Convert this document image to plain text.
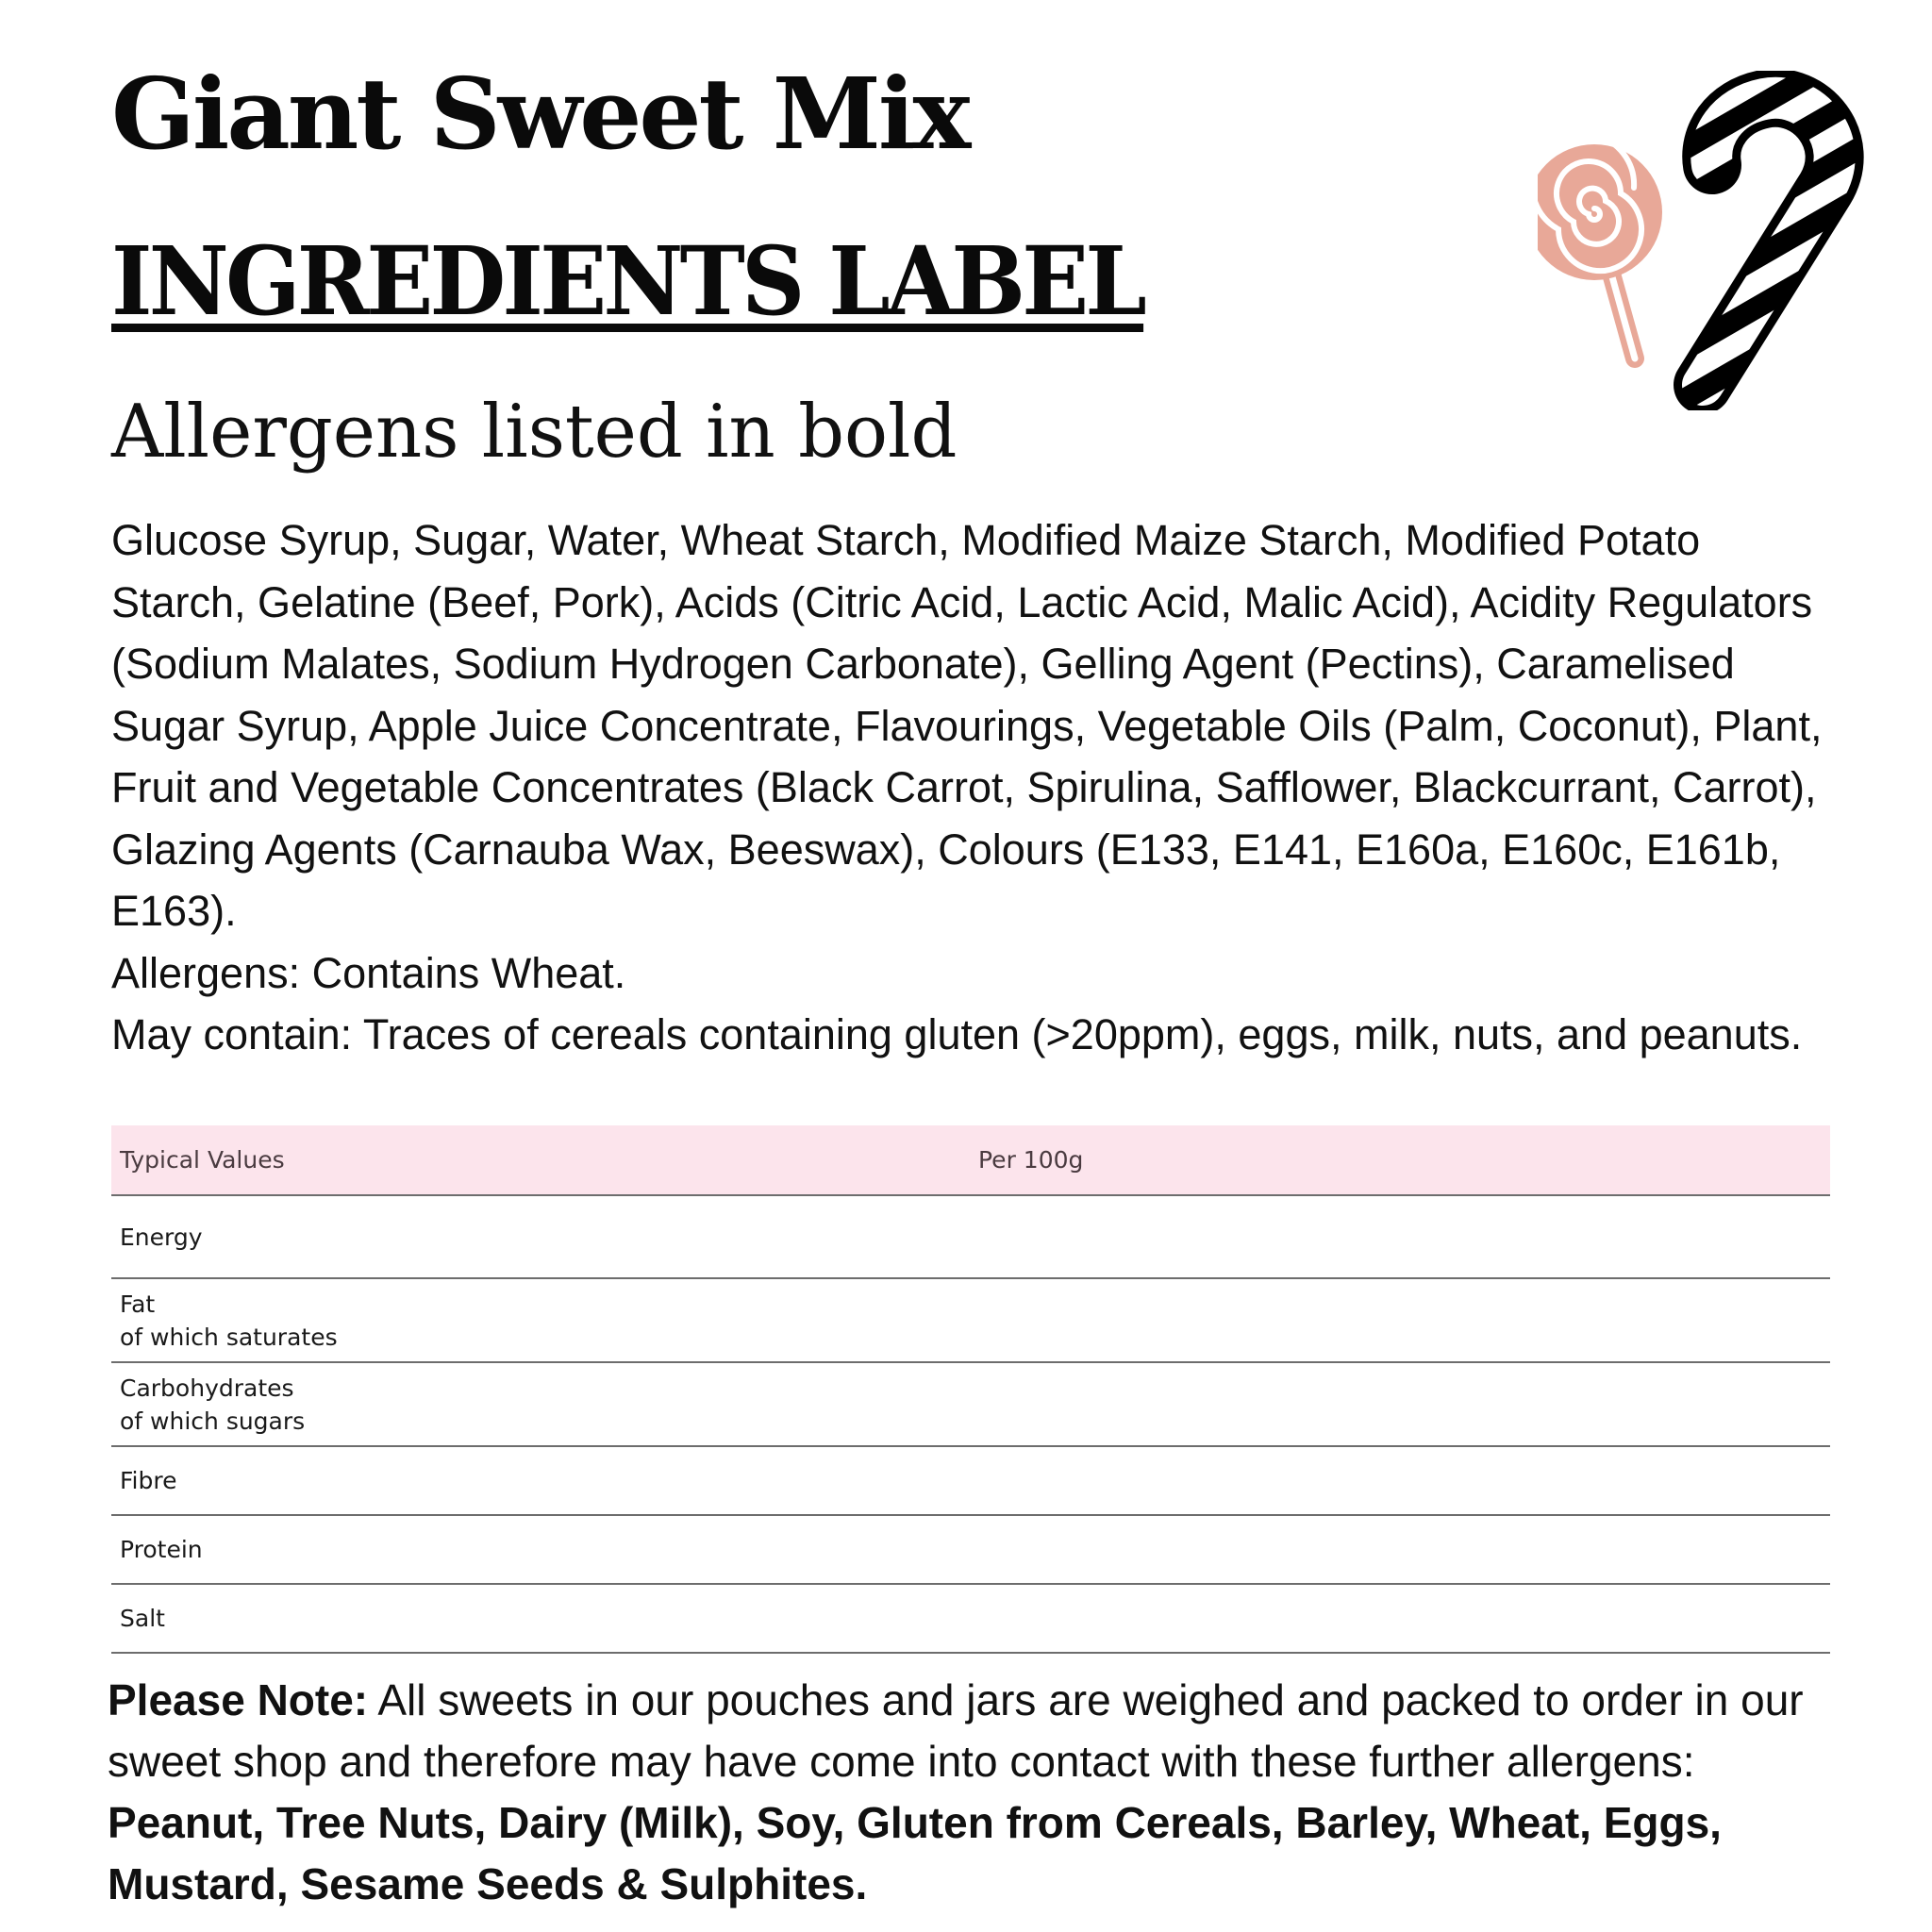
Giant Sweet Mix
INGREDIENTS LABEL
Allergens listed in bold

Glucose Syrup, Sugar, Water, Wheat Starch, Modified Maize Starch, Modified Potato Starch, Gelatine (Beef, Pork), Acids (Citric Acid, Lactic Acid, Malic Acid), Acidity Regulators (Sodium Malates, Sodium Hydrogen Carbonate), Gelling Agent (Pectins), Caramelised Sugar Syrup, Apple Juice Concentrate, Flavourings, Vegetable Oils (Palm, Coconut), Plant, Fruit and Vegetable Concentrates (Black Carrot, Spirulina, Safflower, Blackcurrant, Carrot), Glazing Agents (Carnauba Wax, Beeswax), Colours (E133, E141, E160a, E160c, E161b, E163).

Allergens: Contains Wheat.

May contain: Traces of cereals containing gluten (>20ppm), eggs, milk, nuts, and peanuts.

Typical Values	Per 100g
Energy	

Fat
of which saturates	

Carbohydrates
of which sugars	

Fibre	
Protein	
Salt	

Please Note: All sweets in our pouches and jars are weighed and packed to order in our sweet shop and therefore may have come into contact with these further allergens: Peanut, Tree Nuts, Dairy (Milk), Soy, Gluten from Cereals, Barley, Wheat, Eggs, Mustard, Sesame Seeds & Sulphites.
